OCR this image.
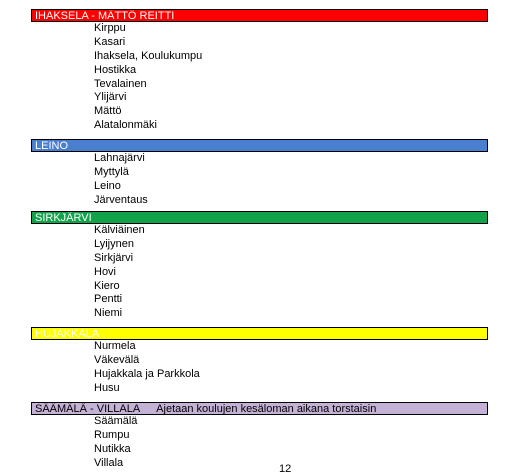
IHAKSELA - MÄTTÖ REITTI
Kirppu
Kasari
Ihaksela, Koulukumpu
Hostikka
Tevalainen
Ylijärvi
Mättö
Alatalonmäki
LEINO
Lahnajärvi
Myttylä
Leino
Järventaus
SIRKJÄRVI
Kälviäinen
Lyijynen
Sirkjärvi
Hovi
Kiero
Pentti
Niemi
HUJAKKALA
Nurmela
Väkevälä
Hujakkala ja Parkkola
Husu
SÄÄMÄLÄ - VILLALA Ajetaan koulujen kesäloman aikana torstaisin
Säämälä
Rumpu
Nutikka
Villala
12
